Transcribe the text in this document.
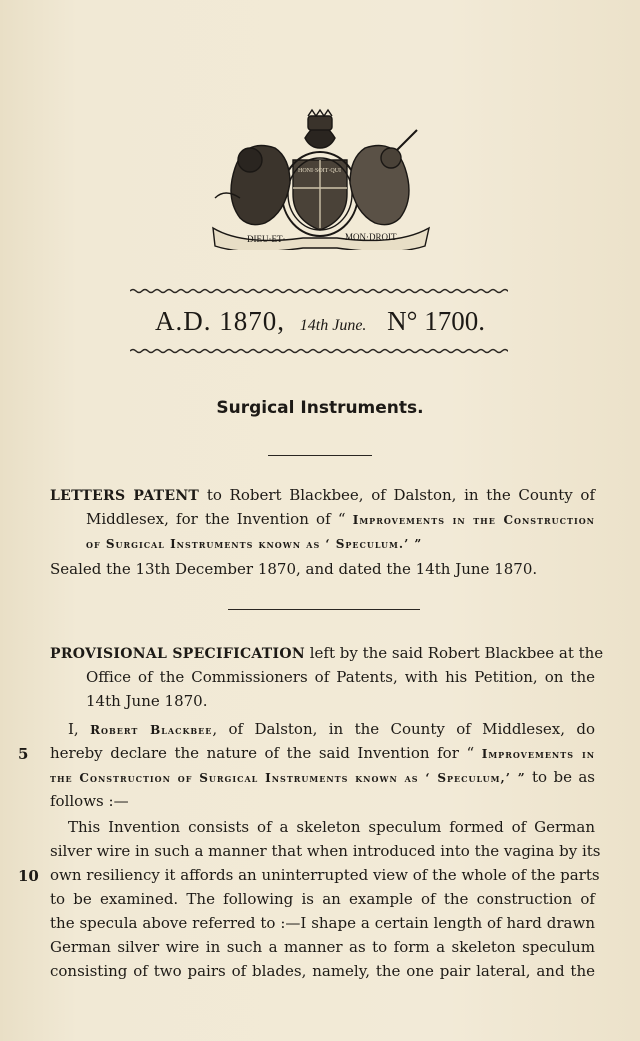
DIEU·ET·	MON·DROIT
HONI·SOIT·QUI
A.D. 1870, 14th June. N° 1700.
Surgical Instruments.
LETTERS PATENT to Robert Blackbee, of Dalston, in the County of
Middlesex, for the Invention of “ Improvements in the Construction
of Surgical Instruments known as ‘ Speculum.’ ”
Sealed the 13th December 1870, and dated the 14th June 1870.
PROVISIONAL SPECIFICATION left by the said Robert Blackbee at the
Office of the Commissioners of Patents, with his Petition, on the
14th June 1870.
I, Robert Blackbee, of Dalston, in the County of Middlesex, do
5 hereby declare the nature of the said Invention for “ Improvements in
the Construction of Surgical Instruments known as ‘ Speculum,’ ” to be as
follows :—
This Invention consists of a skeleton speculum formed of German
silver wire in such a manner that when introduced into the vagina by its
10 own resiliency it affords an uninterrupted view of the whole of the parts
to be examined. The following is an example of the construction of
the specula above referred to :—I shape a certain length of hard drawn
German silver wire in such a manner as to form a skeleton speculum
consisting of two pairs of blades, namely, the one pair lateral, and the
